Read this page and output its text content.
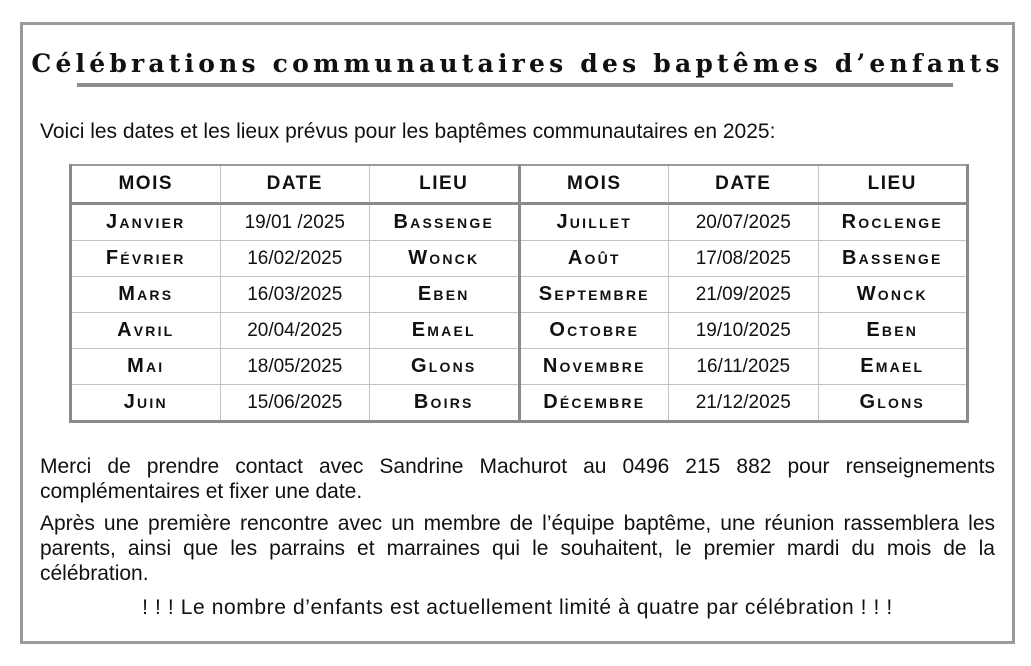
Célébrations communautaires des baptêmes d’enfants
Voici les dates et les lieux prévus pour les baptêmes communautaires en 2025:
MOIS	DATE	LIEU	MOIS	DATE	LIEU
Janvier	19/01 /2025	Bassenge	Juillet	20/07/2025	Roclenge
Février	16/02/2025	Wonck	Août	17/08/2025	Bassenge
Mars	16/03/2025	Eben	Septembre	21/09/2025	Wonck
Avril	20/04/2025	Emael	Octobre	19/10/2025	Eben
Mai	18/05/2025	Glons	Novembre	16/11/2025	Emael
Juin	15/06/2025	Boirs	Décembre	21/12/2025	Glons

Merci de prendre contact avec Sandrine Machurot au 0496 215 882 pour renseignements complémentaires et fixer une date.

Après une première rencontre avec un membre de l’équipe baptême, une réunion rassemblera les parents, ainsi que les parrains et marraines qui le souhaitent, le premier mardi du mois de la célébration.

! ! ! Le nombre d’enfants est actuellement limité à quatre par célébration ! ! !
